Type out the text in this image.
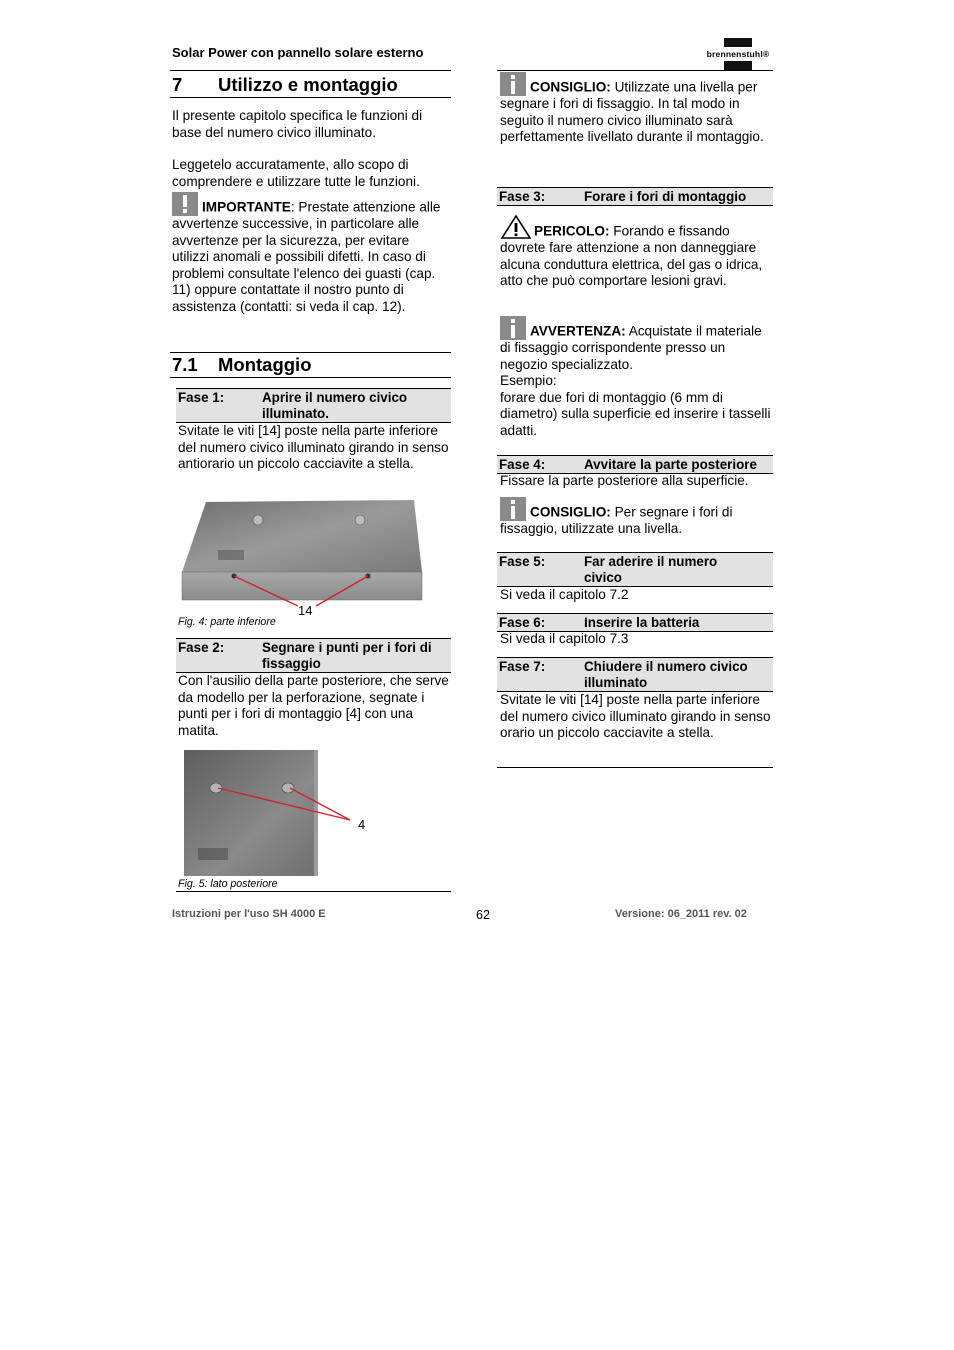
Solar Power con pannello solare esterno	brennenstuhl®
7 Utilizzo e montaggio
Il presente capitolo specifica le funzioni di base del numero civico illuminato.
Leggetelo accuratamente, allo scopo di comprendere e utilizzare tutte le funzioni.
IMPORTANTE: Prestate attenzione alle avvertenze successive, in particolare alle avvertenze per la sicurezza, per evitare utilizzi anomali e possibili difetti. In caso di problemi consultate l'elenco dei guasti (cap. 11) oppure contattate il nostro punto di assistenza (contatti: si veda il cap. 12).
7.1 Montaggio
Fase 1:	Aprire il numero civico illuminato.
Svitate le viti [14] poste nella parte inferiore del numero civico illuminato girando in senso antiorario un piccolo cacciavite a stella.
14
Fig. 4: parte inferiore
Fase 2:	Segnare i punti per i fori di fissaggio
Con l'ausilio della parte posteriore, che serve da modello per la perforazione, segnate i punti per i fori di montaggio [4] con una matita.
4
Fig. 5: lato posteriore
CONSIGLIO: Utilizzate una livella per segnare i fori di fissaggio. In tal modo in seguito il numero civico illuminato sarà perfettamente livellato durante il montaggio.
Fase 3:	Forare i fori di montaggio
PERICOLO: Forando e fissando dovrete fare attenzione a non danneggiare alcuna conduttura elettrica, del gas o idrica, atto che può comportare lesioni gravi.
AVVERTENZA: Acquistate il materiale di fissaggio corrispondente presso un negozio specializzato.
Esempio:
forare due fori di montaggio (6 mm di diametro) sulla superficie ed inserire i tasselli adatti.
Fase 4:	Avvitare la parte posteriore
Fissare la parte posteriore alla superficie.
CONSIGLIO: Per segnare i fori di fissaggio, utilizzate una livella.
Fase 5:	Far aderire il numero civico
Si veda il capitolo 7.2
Fase 6:	Inserire la batteria
Si veda il capitolo 7.3
Fase 7:	Chiudere il numero civico illuminato
Svitate le viti [14] poste nella parte inferiore del numero civico illuminato girando in senso orario un piccolo cacciavite a stella.
Istruzioni per l'uso SH 4000 E	62	Versione: 06_2011 rev. 02
